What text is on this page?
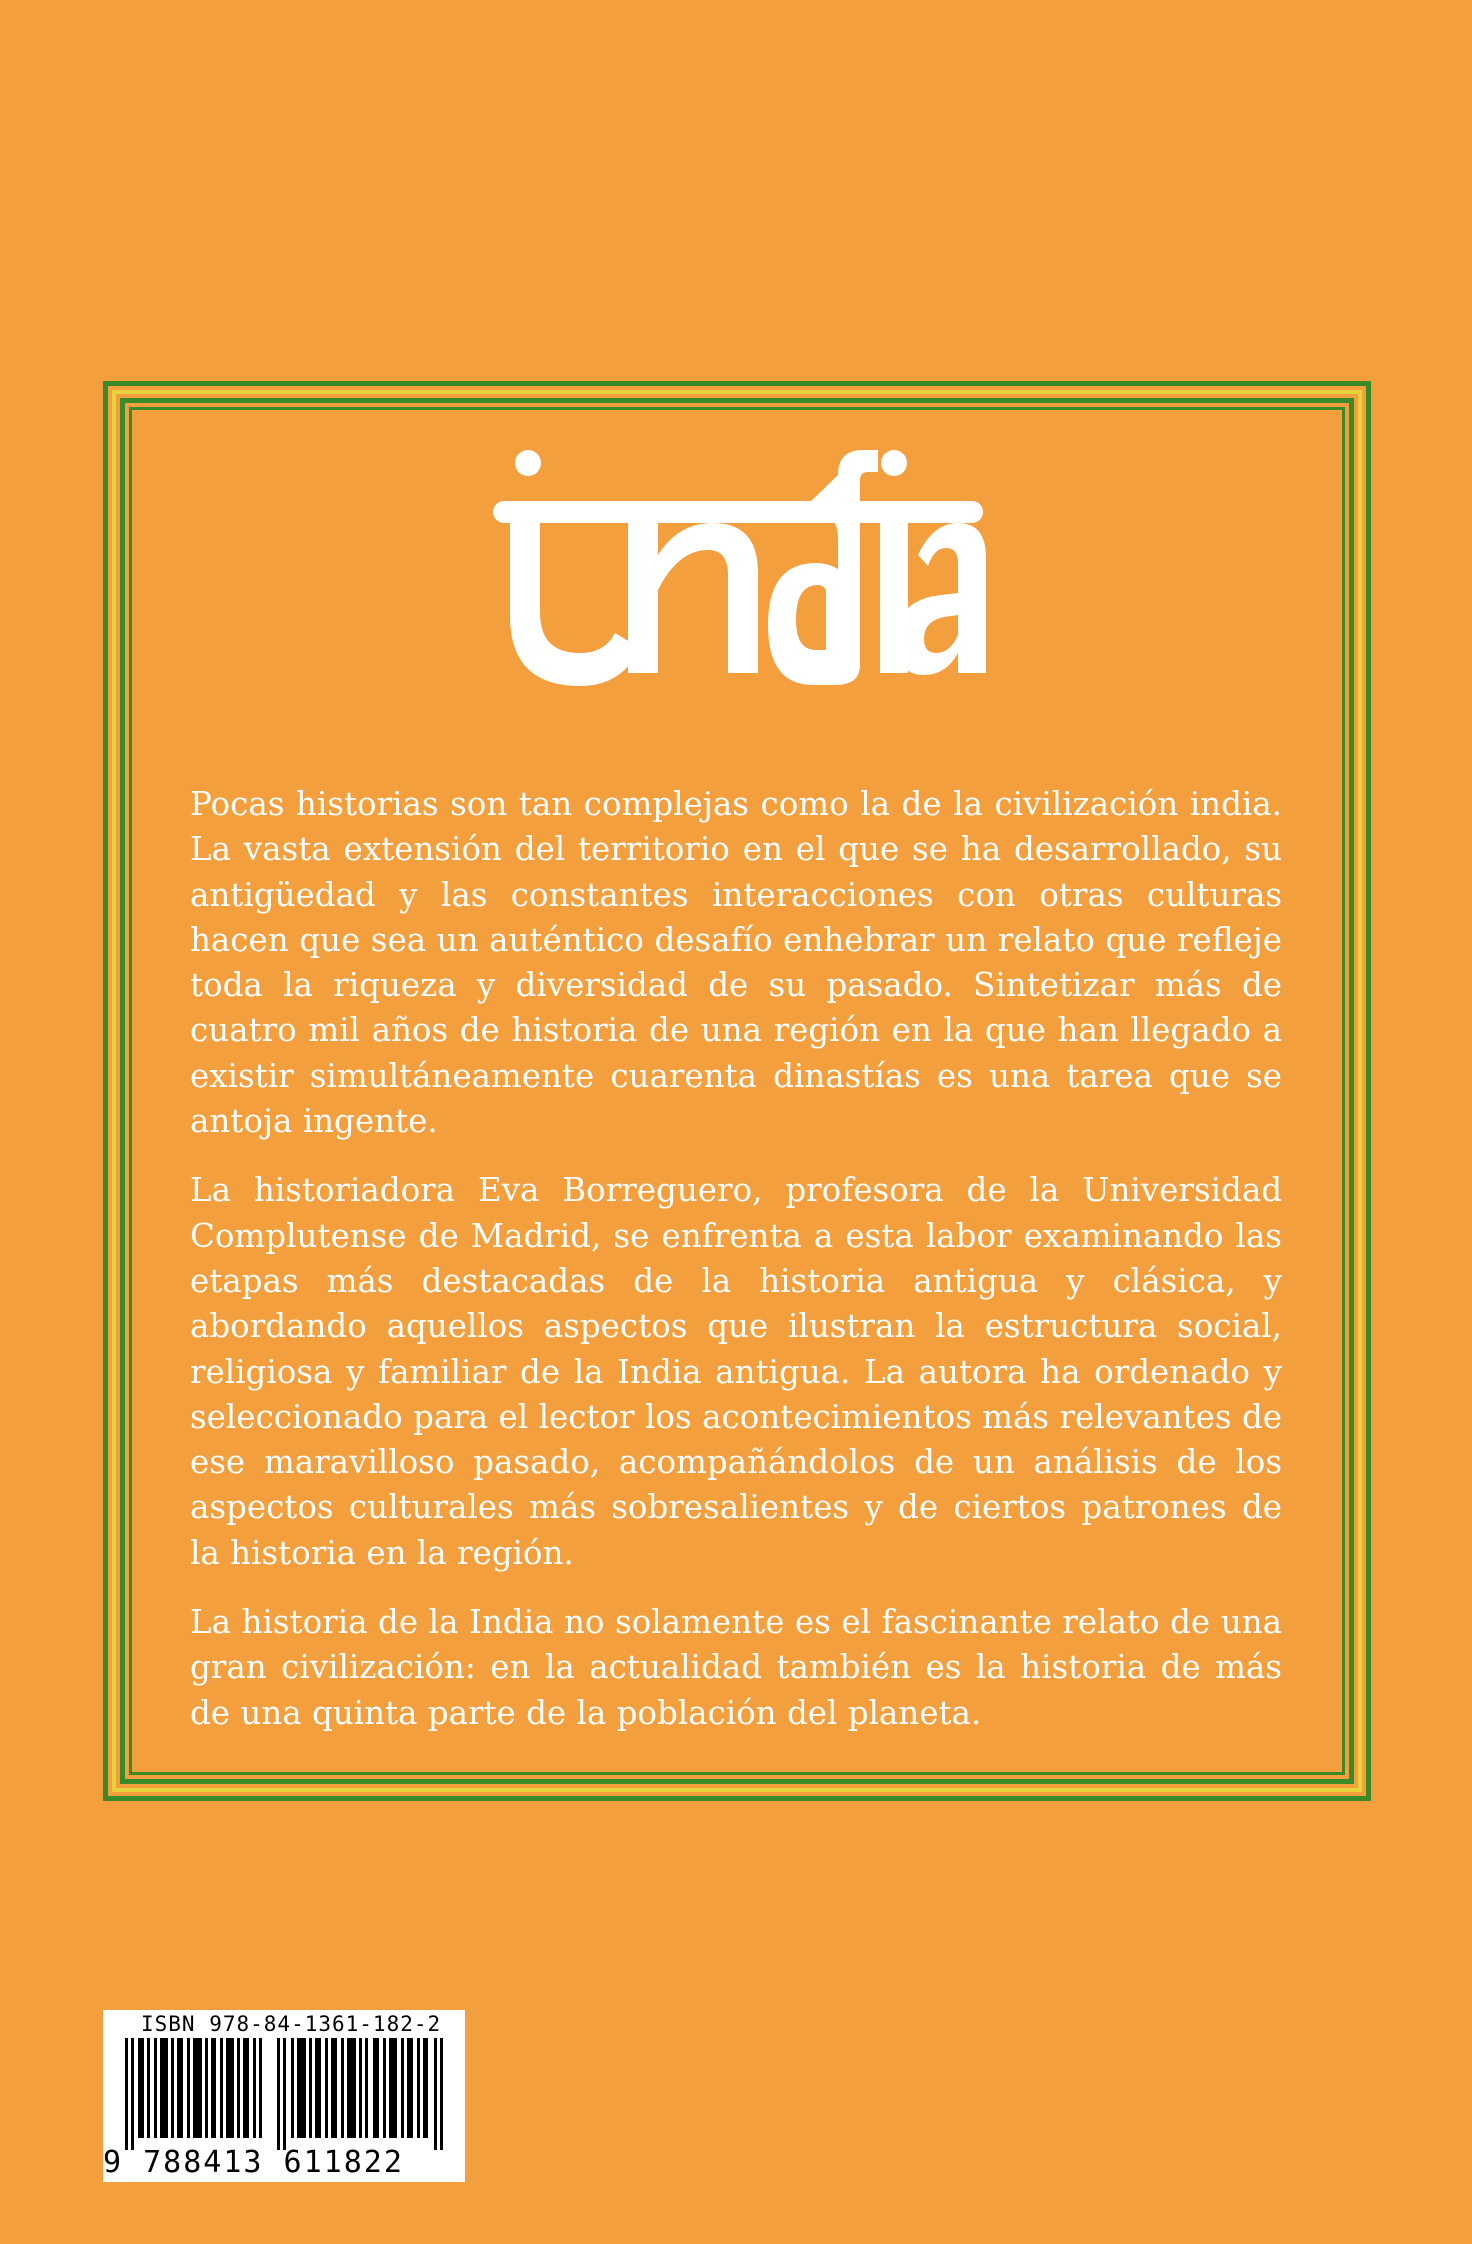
Pocas historias son tan complejas como la de la civilización india. La vasta extensión del territorio en el que se ha desarrollado, su antigüedad y las constantes interacciones con otras culturas hacen que sea un auténtico desafío enhebrar un relato que refleje toda la riqueza y diversidad de su pasado. Sintetizar más de cuatro mil años de historia de una región en la que han llegado a existir simultáneamente cuarenta dinastías es una tarea que se antoja ingente.

La historiadora Eva Borreguero, profesora de la Universidad Complutense de Madrid, se enfrenta a esta labor examinando las etapas más destacadas de la historia antigua y clásica, y abordando aquellos aspectos que ilustran la estructura social, religiosa y familiar de la India antigua. La autora ha ordenado y seleccionado para el lector los acontecimientos más relevantes de ese maravilloso pasado, acompañándolos de un análisis de los aspectos culturales más sobresalientes y de ciertos patrones de la historia en la región.

La historia de la India no solamente es el fascinante relato de una gran civilización: en la actualidad también es la historia de más de una quinta parte de la población del planeta.

ISBN 978-84-1361-182-2
9 788413 611822
